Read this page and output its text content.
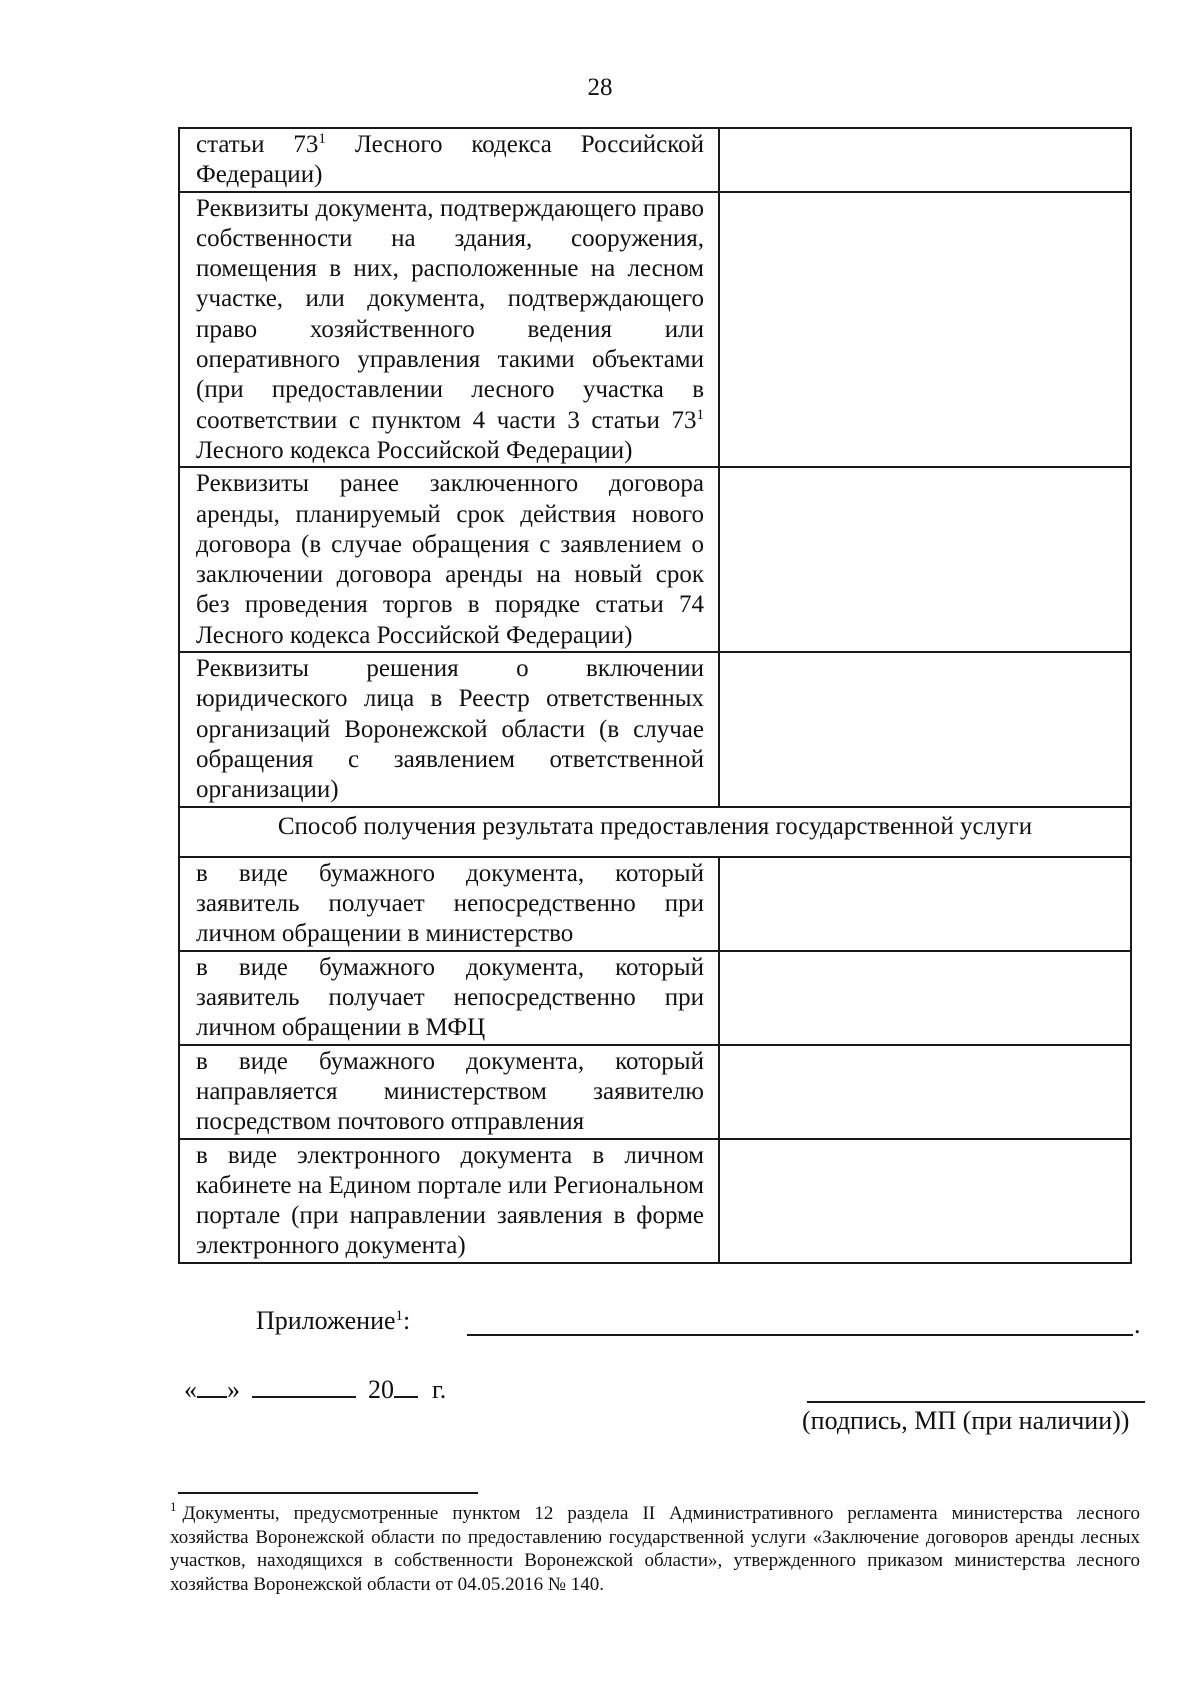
28
статьи $73^1$ Лесного кодекса Российской Федерации)	
Реквизиты документа, подтверждающего право собственности на здания, сооружения, помещения в них, расположенные на лесном участке, или документа, подтверждающего право хозяйственного ведения или оперативного управления такими объектами (при предоставлении лесного участка в соответствии с пунктом 4 части 3 статьи $73^1$ Лесного кодекса Российской Федерации)	
Реквизиты ранее заключенного договора аренды, планируемый срок действия нового договора (в случае обращения с заявлением о заключении договора аренды на новый срок без проведения торгов в порядке статьи 74 Лесного кодекса Российской Федерации)	
Реквизиты решения о включении юридического лица в Реестр ответственных организаций Воронежской области (в случае обращения с заявлением ответственной организации)	
Способ получения результата предоставления государственной услуги	
в виде бумажного документа, который заявитель получает непосредственно при личном обращении в министерство	
в виде бумажного документа, который заявитель получает непосредственно при личном обращении в МФЦ	
в виде бумажного документа, который направляется министерством заявителю посредством почтового отправления	
в виде электронного документа в личном кабинете на Едином портале или Региональном портале (при направлении заявления в форме электронного документа)	
Приложение$^1$:	.
« »	20 г.
(подпись, МП (при наличии))
$^1$ Документы, предусмотренные пунктом 12 раздела II Административного регламента министерства лесного хозяйства Воронежской области по предоставлению государственной услуги «Заключение договоров аренды лесных участков, находящихся в собственности Воронежской области», утвержденного приказом министерства лесного хозяйства Воронежской области от 04.05.2016 № 140.
